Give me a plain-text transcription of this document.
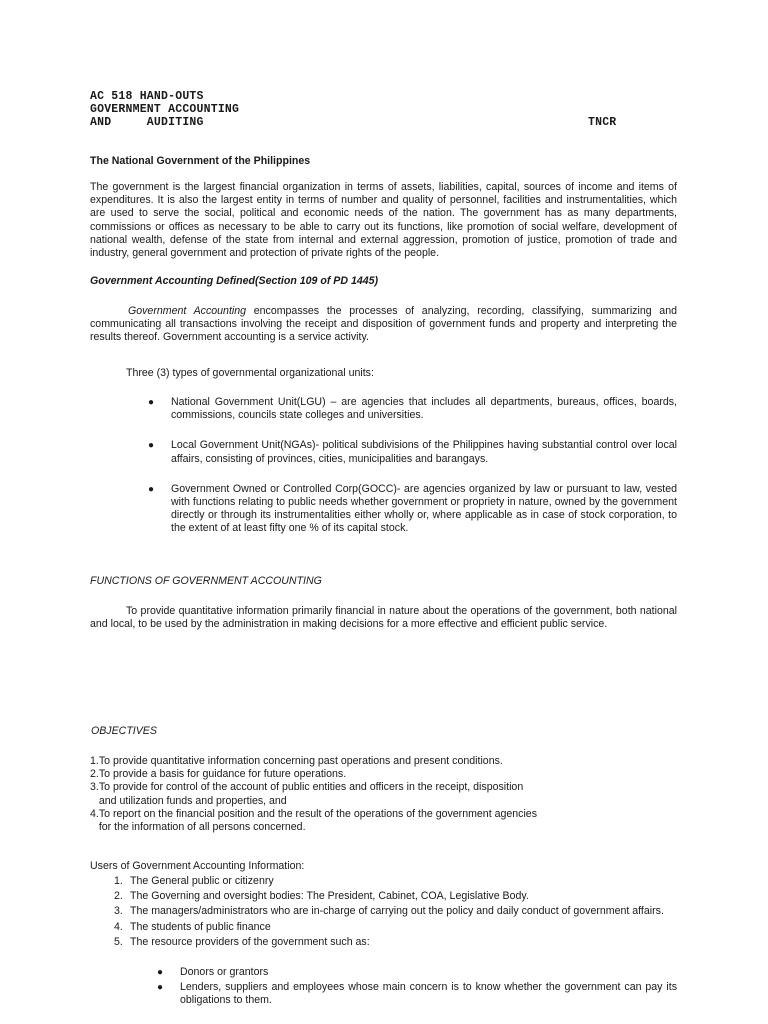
AC 518 HAND-OUTS
GOVERNMENT ACCOUNTING
AND     AUDITING	TNCR
The National Government of the Philippines
The government is the largest financial organization in terms of assets, liabilities, capital, sources of income and items of expenditures. It is also the largest entity in terms of number and quality of personnel, facilities and instrumentalities, which are used to serve the social, political and economic needs of the nation. The government has as many departments, commissions or offices as necessary to be able to carry out its functions, like promotion of social welfare, development of national wealth, defense of the state from internal and external aggression, promotion of justice, promotion of trade and industry, general government and protection of private rights of the people.
Government Accounting Defined(Section 109 of PD 1445)
Government Accounting encompasses the processes of analyzing, recording, classifying, summarizing and communicating all transactions involving the receipt and disposition of government funds and property and interpreting the results thereof. Government accounting is a service activity.
Three (3) types of governmental organizational units:
● National Government Unit(LGU) – are agencies that includes all departments, bureaus, offices, boards, commissions, councils state colleges and universities.
● Local Government Unit(NGAs)- political subdivisions of the Philippines having substantial control over local affairs, consisting of provinces, cities, municipalities and barangays.
● Government Owned or Controlled Corp(GOCC)- are agencies organized by law or pursuant to law, vested with functions relating to public needs whether government or propriety in nature, owned by the government directly or through its instrumentalities either wholly or, where applicable as in case of stock corporation, to the extent of at least fifty one % of its capital stock.
FUNCTIONS OF GOVERNMENT ACCOUNTING
To provide quantitative information primarily financial in nature about the operations of the government, both national and local, to be used by the administration in making decisions for a more effective and efficient public service.
OBJECTIVES
1.To provide quantitative information concerning past operations and present conditions.
2.To provide a basis for guidance for future operations.
3.To provide for control of the account of public entities and officers in the receipt, disposition
and utilization funds and properties, and
4.To report on the financial position and the result of the operations of the government agencies
for the information of all persons concerned.
Users of Government Accounting Information:
1. The General public or citizenry
2. The Governing and oversight bodies: The President, Cabinet, COA, Legislative Body.
3. The managers/administrators who are in-charge of carrying out the policy and daily conduct of government affairs.
4. The students of public finance
5. The resource providers of the government such as:
● Donors or grantors
● Lenders, suppliers and employees whose main concern is to know whether the government can pay its obligations to them.
